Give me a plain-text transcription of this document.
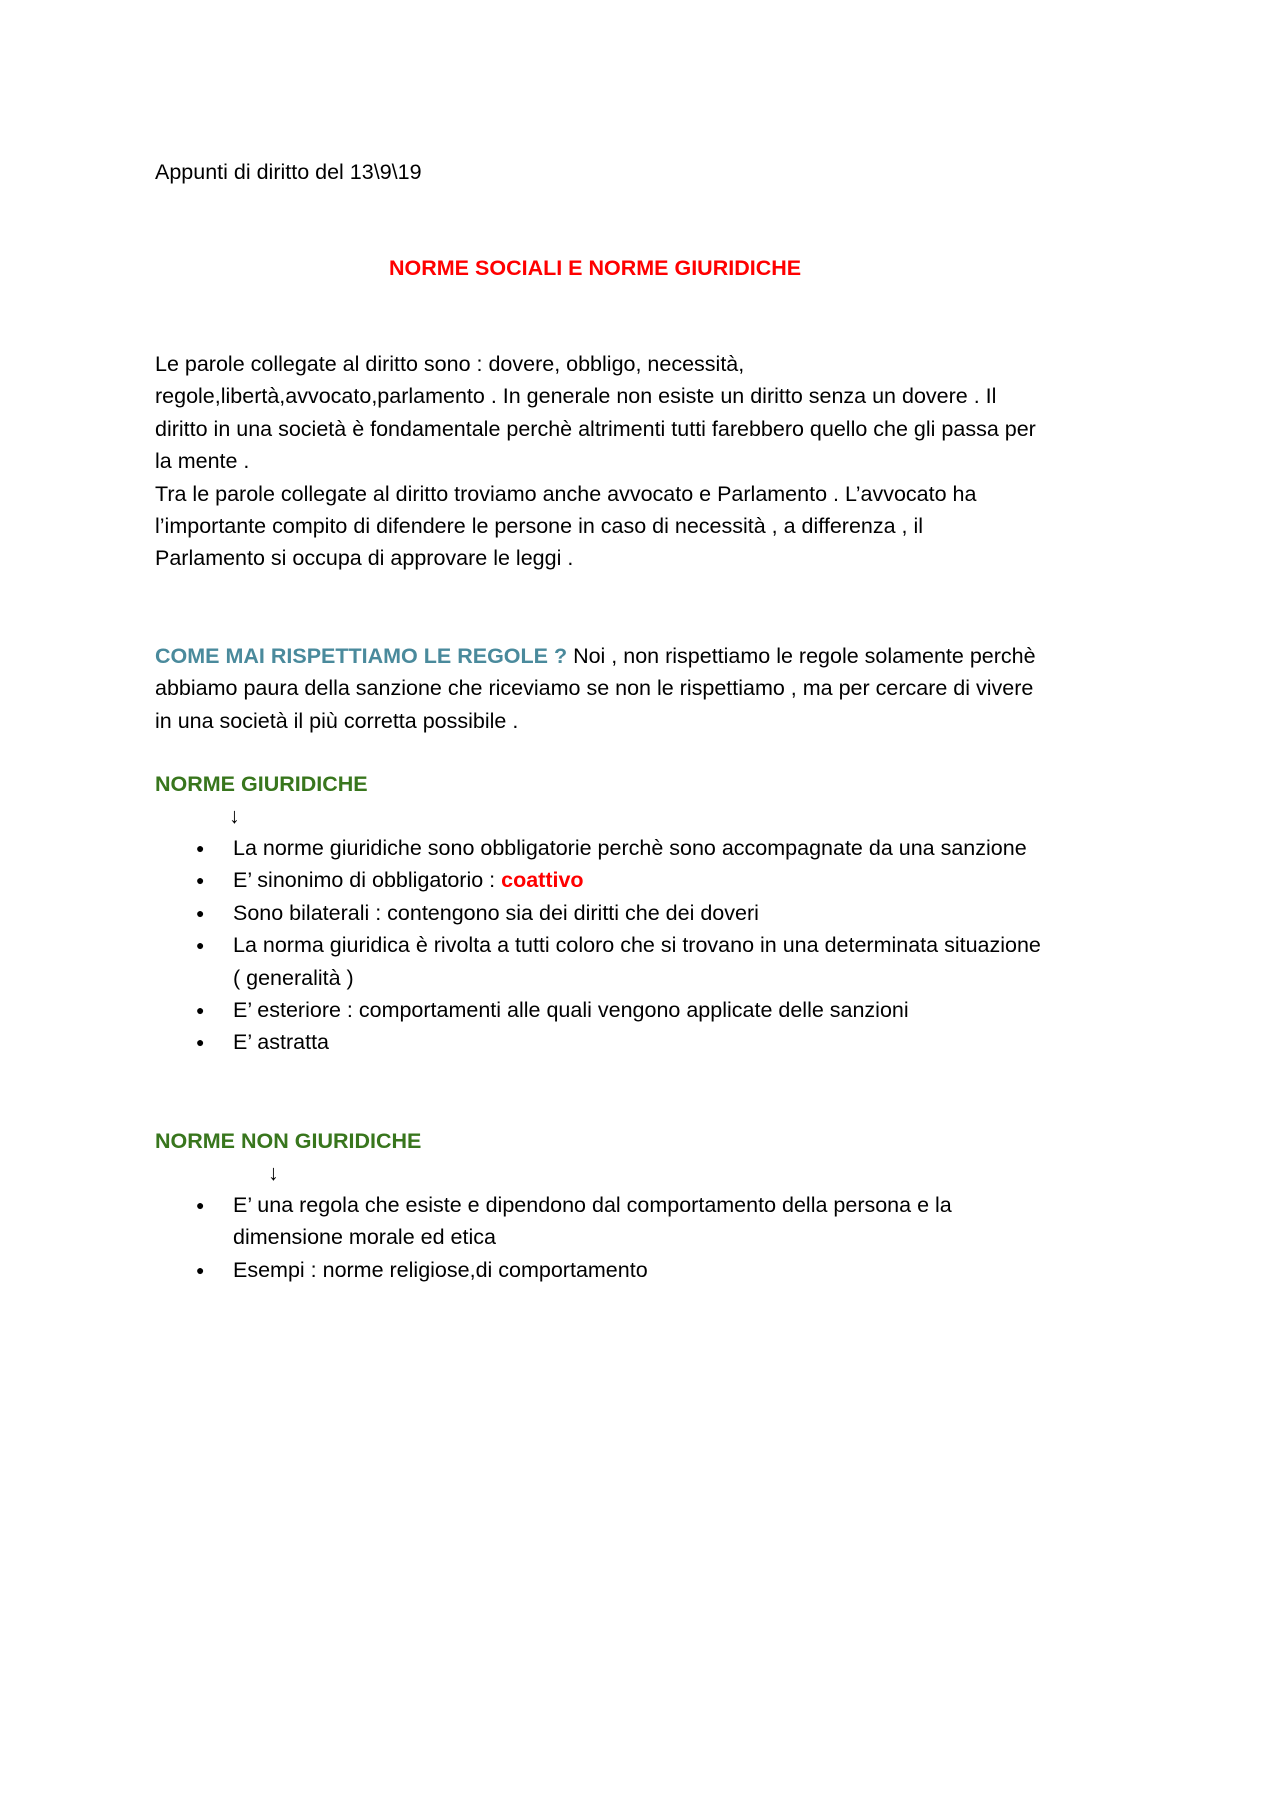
Appunti di diritto del 13\9\19
NORME SOCIALI E NORME GIURIDICHE
Le parole collegate al diritto sono : dovere, obbligo, necessità,
regole,libertà,avvocato,parlamento . In generale non esiste un diritto senza un dovere . Il
diritto in una società è fondamentale perchè altrimenti tutti farebbero quello che gli passa per
la mente .
Tra le parole collegate al diritto troviamo anche avvocato e Parlamento . L’avvocato ha
l’importante compito di difendere le persone in caso di necessità , a differenza , il
Parlamento si occupa di approvare le leggi .
COME MAI RISPETTIAMO LE REGOLE ? Noi , non rispettiamo le regole solamente perchè
abbiamo paura della sanzione che riceviamo se non le rispettiamo , ma per cercare di vivere
in una società il più corretta possibile .
NORME GIURIDICHE
↓
● La norme giuridiche sono obbligatorie perchè sono accompagnate da una sanzione
● E’ sinonimo di obbligatorio : coattivo
● Sono bilaterali : contengono sia dei diritti che dei doveri
● La norma giuridica è rivolta a tutti coloro che si trovano in una determinata situazione
( generalità )
● E’ esteriore : comportamenti alle quali vengono applicate delle sanzioni
● E’ astratta
NORME NON GIURIDICHE
↓
● E’ una regola che esiste e dipendono dal comportamento della persona e la
dimensione morale ed etica
● Esempi : norme religiose,di comportamento
